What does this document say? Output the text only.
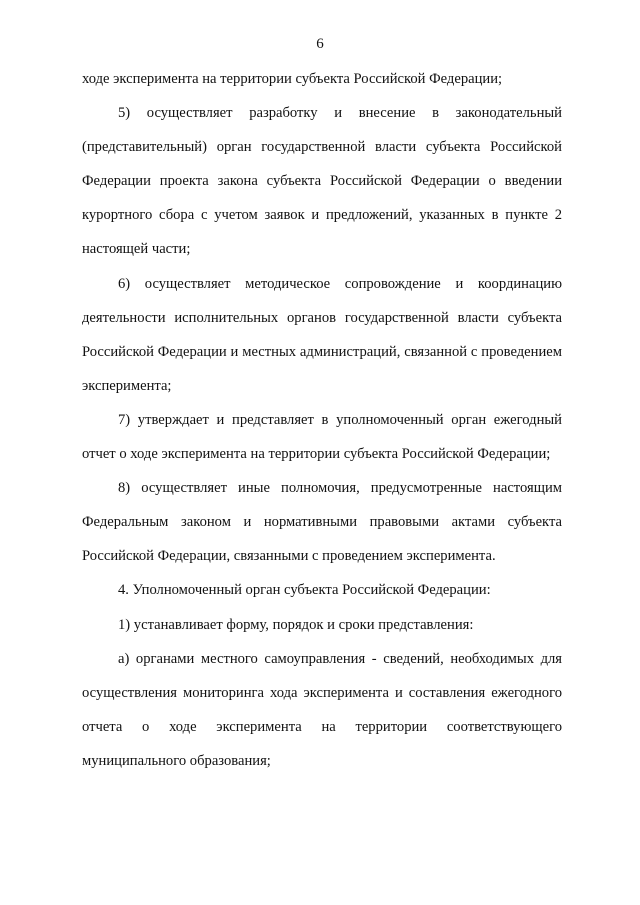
6

ходе эксперимента на территории субъекта Российской Федерации;

5) осуществляет разработку и внесение в законодательный (представительный) орган государственной власти субъекта Российской Федерации проекта закона субъекта Российской Федерации о введении курортного сбора с учетом заявок и предложений, указанных в пункте 2 настоящей части;

6) осуществляет методическое сопровождение и координацию деятельности исполнительных органов государственной власти субъекта Российской Федерации и местных администраций, связанной с проведением эксперимента;

7) утверждает и представляет в уполномоченный орган ежегодный отчет о ходе эксперимента на территории субъекта Российской Федерации;

8) осуществляет иные полномочия, предусмотренные настоящим Федеральным законом и нормативными правовыми актами субъекта Российской Федерации, связанными с проведением эксперимента.

4. Уполномоченный орган субъекта Российской Федерации:

1) устанавливает форму, порядок и сроки представления:

а) органами местного самоуправления - сведений, необходимых для осуществления мониторинга хода эксперимента и составления ежегодного отчета о ходе эксперимента на территории соответствующего муниципального образования;
